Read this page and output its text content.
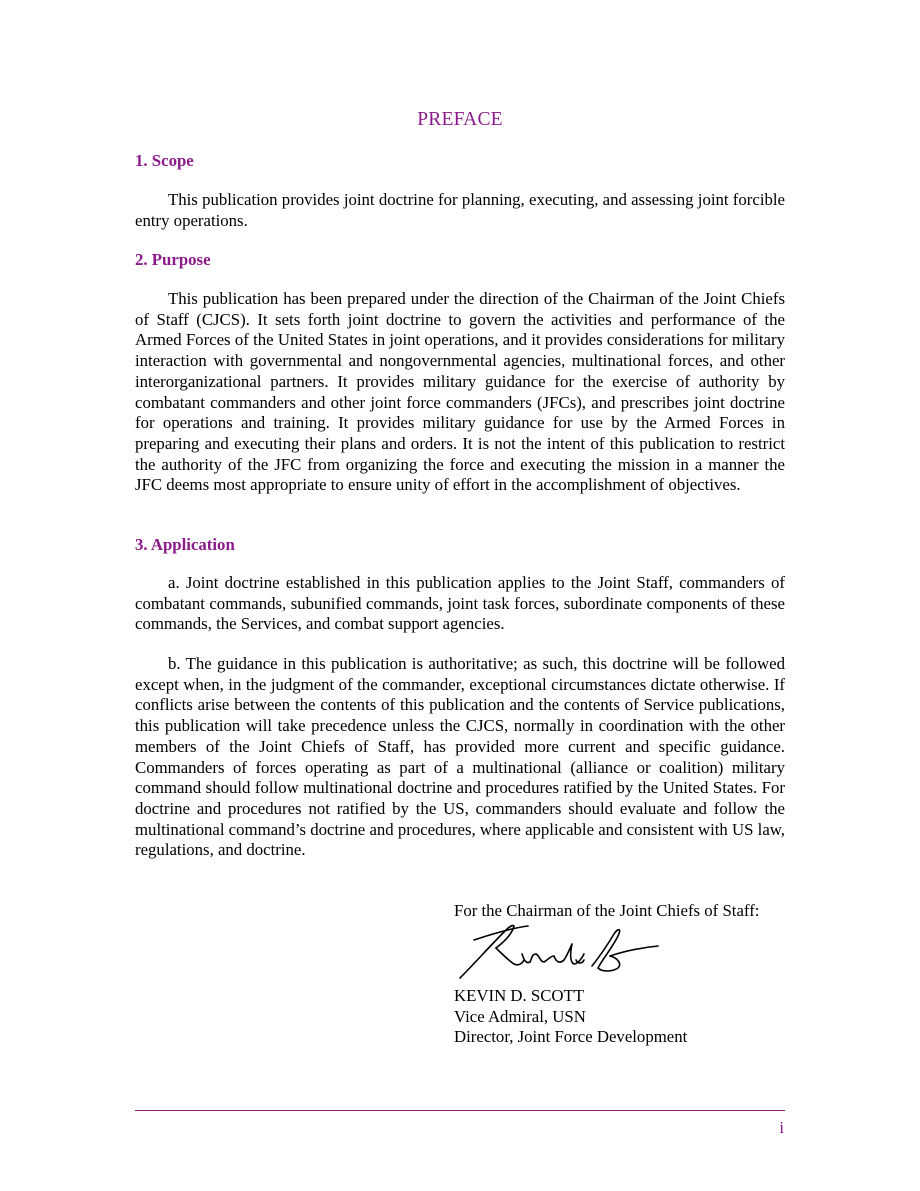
PREFACE

1. Scope

This publication provides joint doctrine for planning, executing, and assessing joint forcible entry operations.

2. Purpose

This publication has been prepared under the direction of the Chairman of the Joint Chiefs of Staff (CJCS). It sets forth joint doctrine to govern the activities and performance of the Armed Forces of the United States in joint operations, and it provides considerations for military interaction with governmental and nongovernmental agencies, multinational forces, and other interorganizational partners. It provides military guidance for the exercise of authority by combatant commanders and other joint force commanders (JFCs), and prescribes joint doctrine for operations and training. It provides military guidance for use by the Armed Forces in preparing and executing their plans and orders. It is not the intent of this publication to restrict the authority of the JFC from organizing the force and executing the mission in a manner the JFC deems most appropriate to ensure unity of effort in the accomplishment of objectives.

3. Application

a. Joint doctrine established in this publication applies to the Joint Staff, commanders of combatant commands, subunified commands, joint task forces, subordinate components of these commands, the Services, and combat support agencies.

b. The guidance in this publication is authoritative; as such, this doctrine will be followed except when, in the judgment of the commander, exceptional circumstances dictate otherwise. If conflicts arise between the contents of this publication and the contents of Service publications, this publication will take precedence unless the CJCS, normally in coordination with the other members of the Joint Chiefs of Staff, has provided more current and specific guidance. Commanders of forces operating as part of a multinational (alliance or coalition) military command should follow multinational doctrine and procedures ratified by the United States. For doctrine and procedures not ratified by the US, commanders should evaluate and follow the multinational command’s doctrine and procedures, where applicable and consistent with US law, regulations, and doctrine.

For the Chairman of the Joint Chiefs of Staff:
KEVIN D. SCOTT
Vice Admiral, USN
Director, Joint Force Development
i
